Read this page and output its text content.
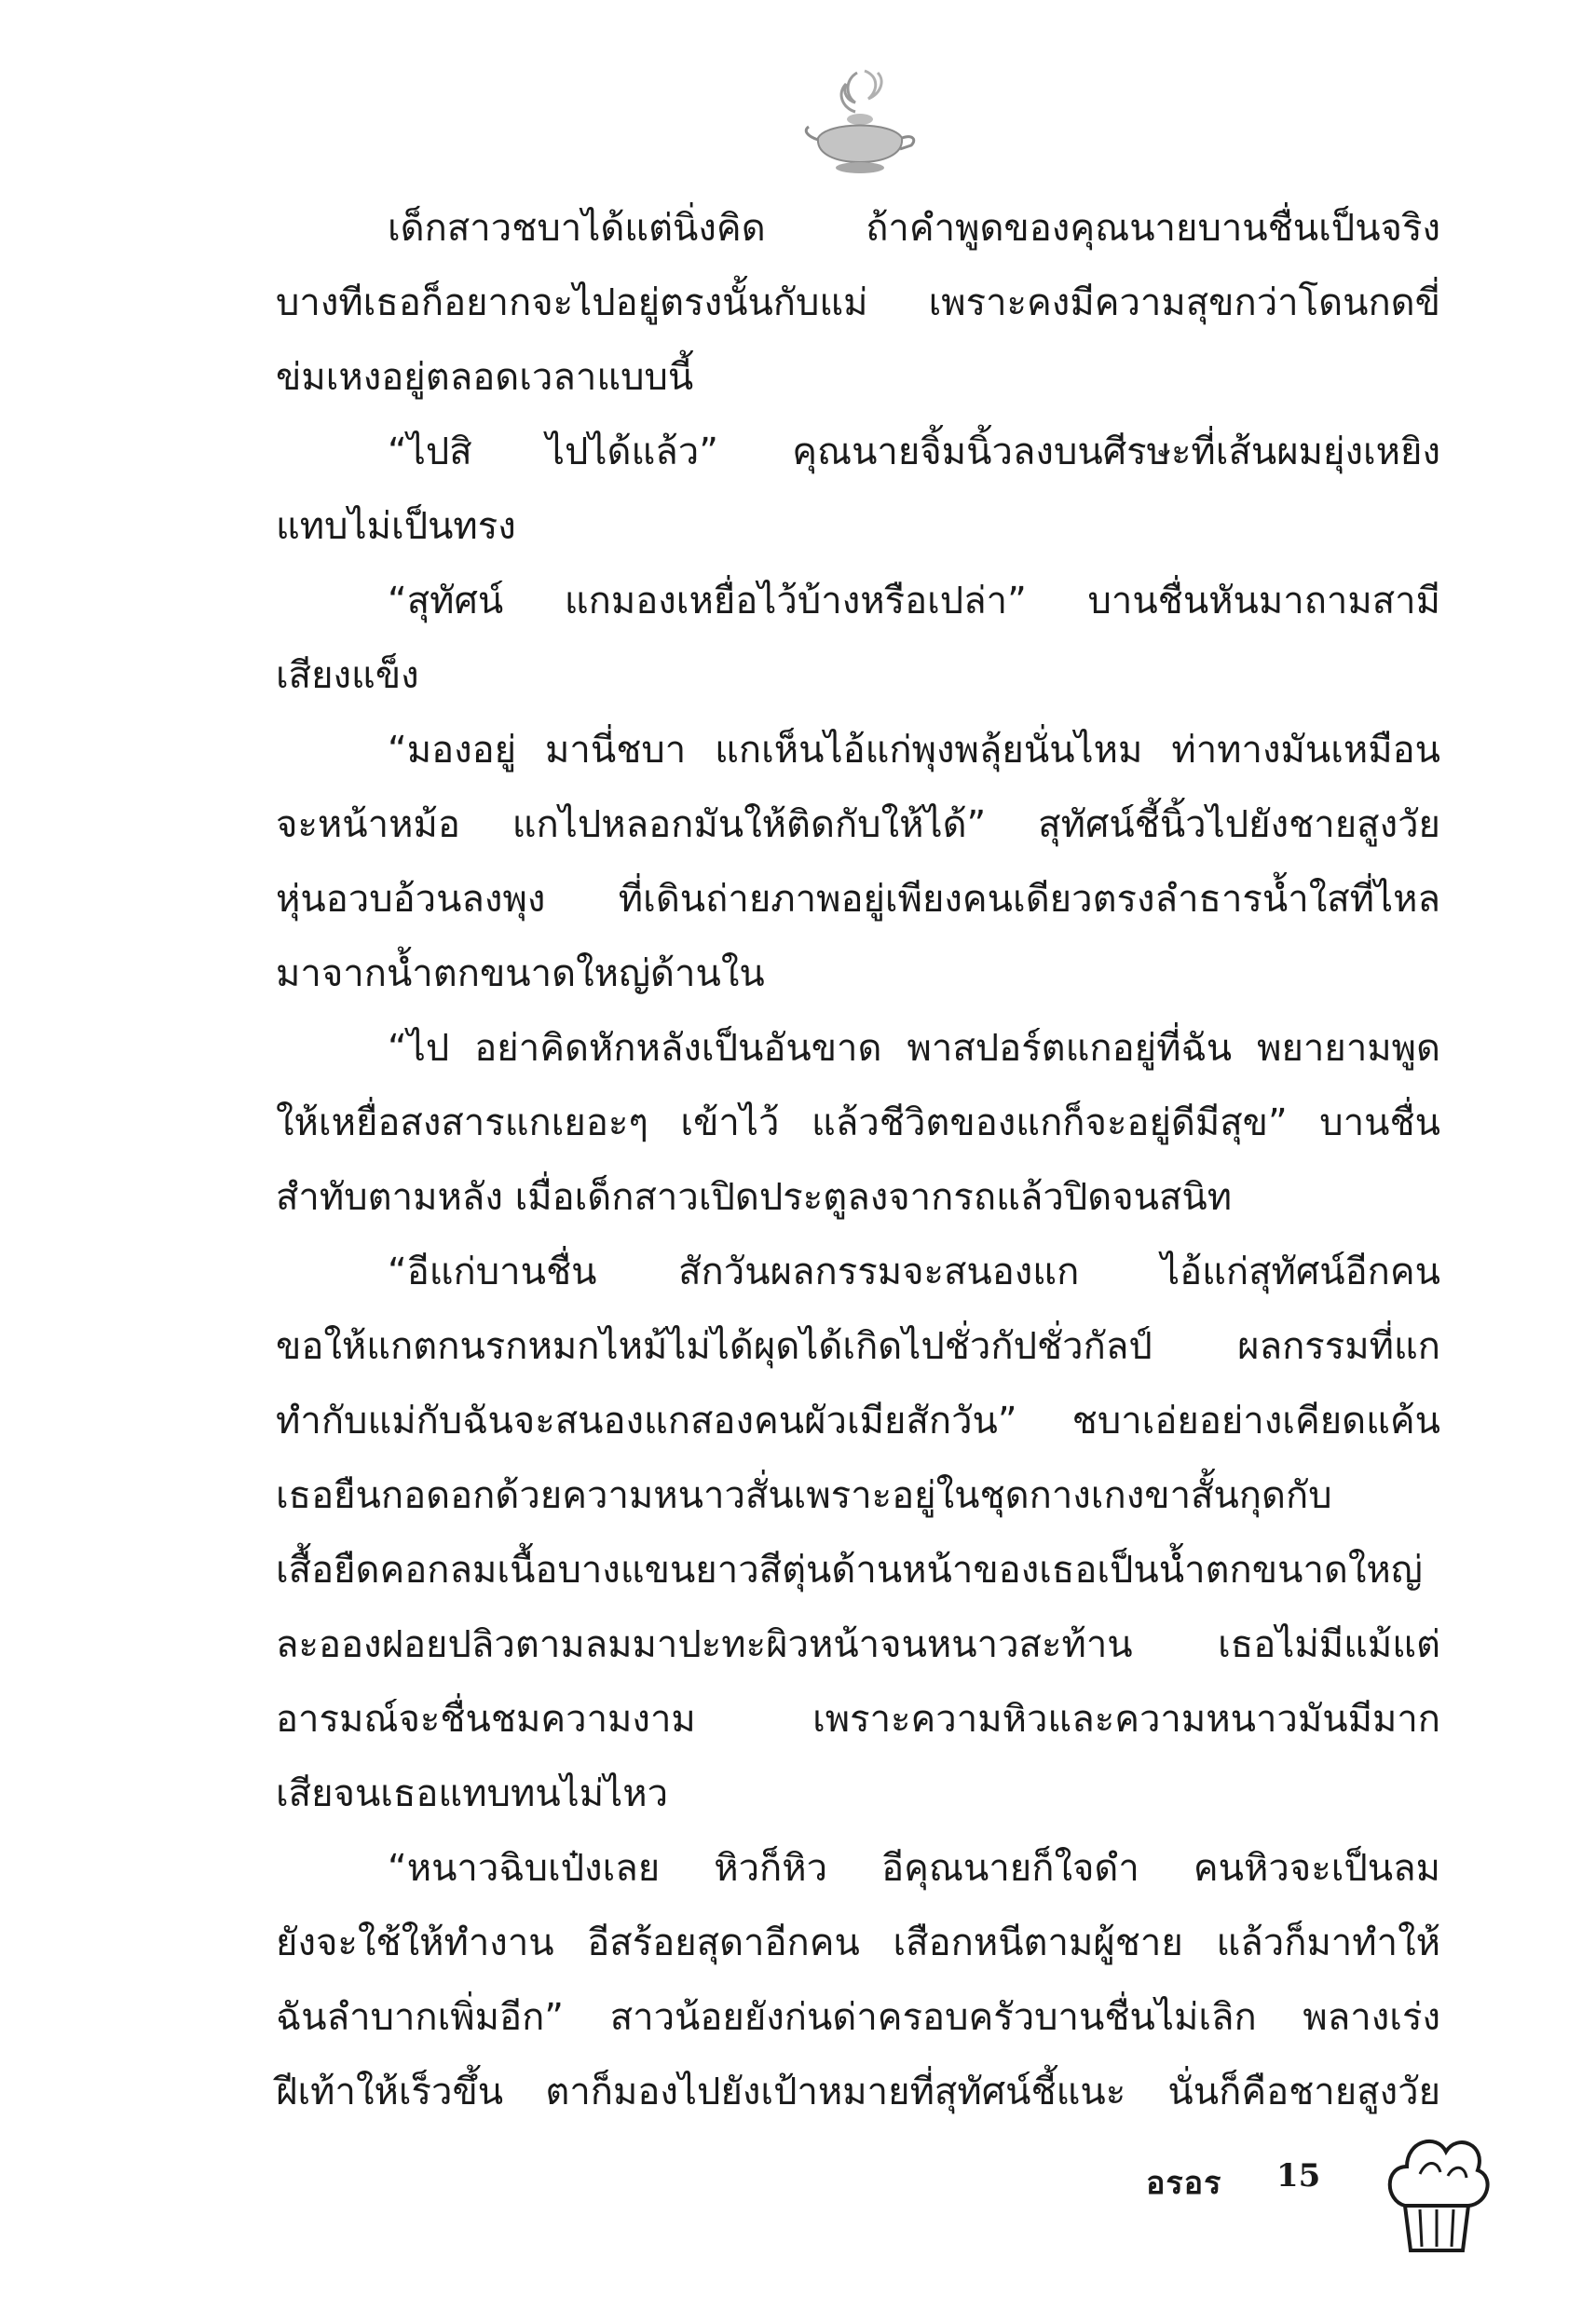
เด็กสาวชบาได้แต่นิ่งคิด ถ้าคำพูดของคุณนายบานชื่นเป็นจริง
บางทีเธอก็อยากจะไปอยู่ตรงนั้นกับแม่ เพราะคงมีความสุขกว่าโดนกดขี่
ข่มเหงอยู่ตลอดเวลาแบบนี้
“ไปสิ ไปได้แล้ว” คุณนายจิ้มนิ้วลงบนศีรษะที่เส้นผมยุ่งเหยิง
แทบไม่เป็นทรง
“สุทัศน์ แกมองเหยื่อไว้บ้างหรือเปล่า” บานชื่นหันมาถามสามี
เสียงแข็ง
“มองอยู่ มานี่ชบา แกเห็นไอ้แก่พุงพลุ้ยนั่นไหม ท่าทางมันเหมือน
จะหน้าหม้อ แกไปหลอกมันให้ติดกับให้ได้” สุทัศน์ชี้นิ้วไปยังชายสูงวัย
หุ่นอวบอ้วนลงพุง ที่เดินถ่ายภาพอยู่เพียงคนเดียวตรงลำธารน้ำใสที่ไหล
มาจากน้ำตกขนาดใหญ่ด้านใน
“ไป อย่าคิดหักหลังเป็นอันขาด พาสปอร์ตแกอยู่ที่ฉัน พยายามพูด
ให้เหยื่อสงสารแกเยอะๆ เข้าไว้ แล้วชีวิตของแกก็จะอยู่ดีมีสุข” บานชื่น
สำทับตามหลัง เมื่อเด็กสาวเปิดประตูลงจากรถแล้วปิดจนสนิท
“อีแก่บานชื่น สักวันผลกรรมจะสนองแก ไอ้แก่สุทัศน์อีกคน
ขอให้แกตกนรกหมกไหม้ไม่ได้ผุดได้เกิดไปชั่วกัปชั่วกัลป์ ผลกรรมที่แก
ทำกับแม่กับฉันจะสนองแกสองคนผัวเมียสักวัน” ชบาเอ่ยอย่างเคียดแค้น
เธอยืนกอดอกด้วยความหนาวสั่นเพราะอยู่ในชุดกางเกงขาสั้นกุดกับ
เสื้อยืดคอกลมเนื้อบางแขนยาวสีตุ่นด้านหน้าของเธอเป็นน้ำตกขนาดใหญ่
ละอองฝอยปลิวตามลมมาปะทะผิวหน้าจนหนาวสะท้าน เธอไม่มีแม้แต่
อารมณ์จะชื่นชมความงาม เพราะความหิวและความหนาวมันมีมาก
เสียจนเธอแทบทนไม่ไหว
“หนาวฉิบเป๋งเลย หิวก็หิว อีคุณนายก็ใจดำ คนหิวจะเป็นลม
ยังจะใช้ให้ทำงาน อีสร้อยสุดาอีกคน เสือกหนีตามผู้ชาย แล้วก็มาทำให้
ฉันลำบากเพิ่มอีก” สาวน้อยยังก่นด่าครอบครัวบานชื่นไม่เลิก พลางเร่ง
ฝีเท้าให้เร็วขึ้น ตาก็มองไปยังเป้าหมายที่สุทัศน์ชี้แนะ นั่นก็คือชายสูงวัย
อรอร 15
